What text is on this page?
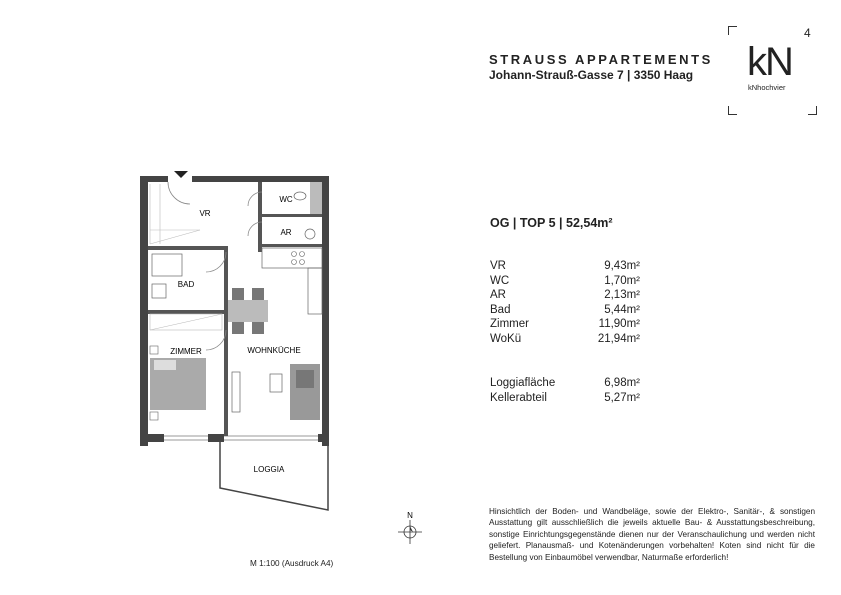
STRAUSS APPARTEMENTS
Johann-Strauß-Gasse 7 | 3350 Haag kN
kNhochvier
4
OG | TOP 5 | 52,54m²
VR	9,43m²
WC	1,70m²
AR	2,13m²
Bad	5,44m²
Zimmer	11,90m²
WoKü	21,94m²
Loggiafläche	6,98m²
Kellerabteil	5,27m²
Hinsichtlich der Boden- und Wandbeläge, sowie der Elektro-, Sanitär-, & sonstigen Ausstattung gilt ausschließlich die jeweils aktuelle Bau- & Ausstattungsbeschreibung, sonstige Einrichtungsgegenstände dienen nur der Veranschaulichung und werden nicht geliefert. Planausmaß- und Kotenänderungen vorbehalten! Koten sind nicht für die Bestellung von Einbaumöbel verwendbar, Naturmaße erforderlich!
M 1:100 (Ausdruck A4)
VR
WC
AR
BAD
ZIMMER	WOHNKÜCHE
LOGGIA
N
